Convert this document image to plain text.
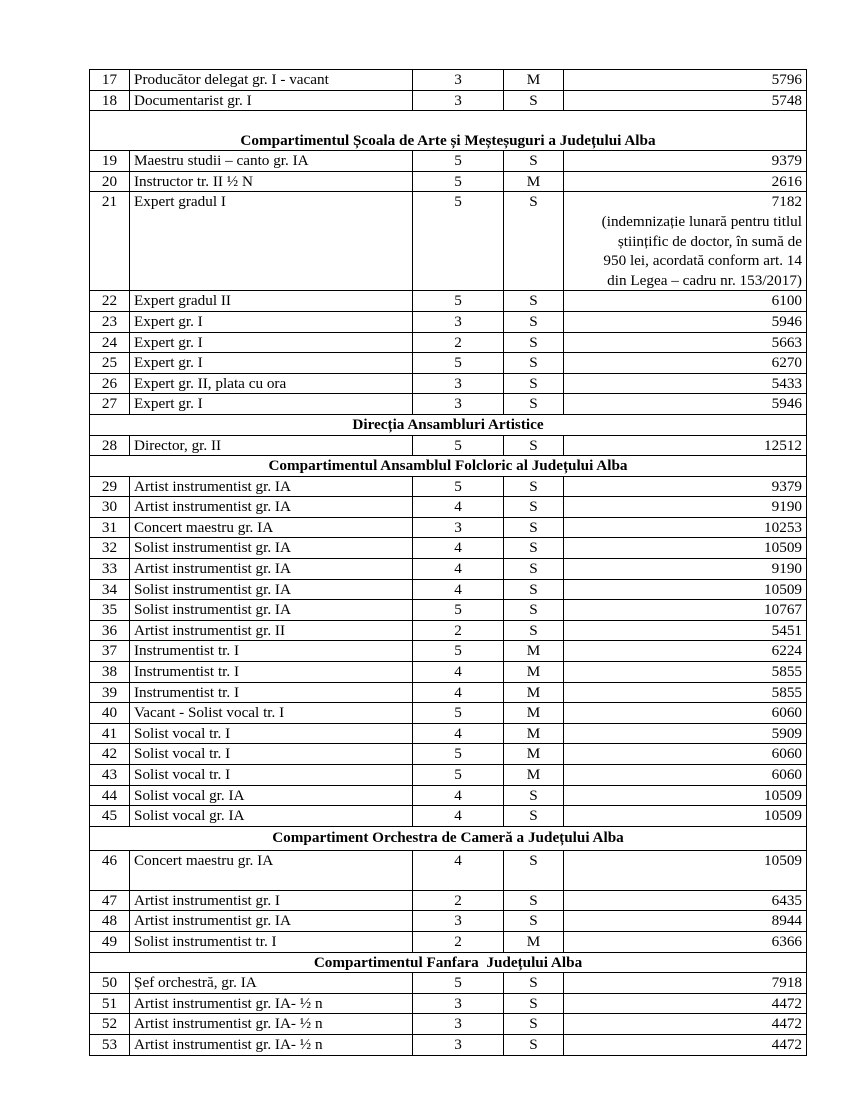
17	Producător delegat gr. I - vacant	3	M	5796
18	Documentarist gr. I	3	S	5748
Compartimentul Școala de Arte și Meșteșuguri a Județului Alba				
19	Maestru studii – canto gr. IA	5	S	9379
20	Instructor tr. II ½ N	5	M	2616
21	Expert gradul I	5	S	7182
(indemnizație lunară pentru titlul
științific de doctor, în sumă de
950 lei, acordată conform art. 14
din Legea – cadru nr. 153/2017)

22	Expert gradul II	5	S	6100
23	Expert gr. I	3	S	5946
24	Expert gr. I	2	S	5663
25	Expert gr. I	5	S	6270
26	Expert gr. II, plata cu ora	3	S	5433
27	Expert gr. I	3	S	5946
Direcția Ansambluri Artistice				
28	Director, gr. II	5	S	12512
Compartimentul Ansamblul Folcloric al Județului Alba				
29	Artist instrumentist gr. IA	5	S	9379
30	Artist instrumentist gr. IA	4	S	9190
31	Concert maestru gr. IA	3	S	10253
32	Solist instrumentist gr. IA	4	S	10509
33	Artist instrumentist gr. IA	4	S	9190
34	Solist instrumentist gr. IA	4	S	10509
35	Solist instrumentist gr. IA	5	S	10767
36	Artist instrumentist gr. II	2	S	5451
37	Instrumentist tr. I	5	M	6224
38	Instrumentist tr. I	4	M	5855
39	Instrumentist tr. I	4	M	5855
40	Vacant - Solist vocal tr. I	5	M	6060
41	Solist vocal tr. I	4	M	5909
42	Solist vocal tr. I	5	M	6060
43	Solist vocal tr. I	5	M	6060
44	Solist vocal gr. IA	4	S	10509
45	Solist vocal gr. IA	4	S	10509
Compartiment Orchestra de Cameră a Județului Alba				
46	Concert maestru gr. IA	4	S	10509
47	Artist instrumentist gr. I	2	S	6435
48	Artist instrumentist gr. IA	3	S	8944
49	Solist instrumentist tr. I	2	M	6366
Compartimentul Fanfara  Județului Alba				
50	Șef orchestră, gr. IA	5	S	7918
51	Artist instrumentist gr. IA- ½ n	3	S	4472
52	Artist instrumentist gr. IA- ½ n	3	S	4472
53	Artist instrumentist gr. IA- ½ n	3	S	4472
